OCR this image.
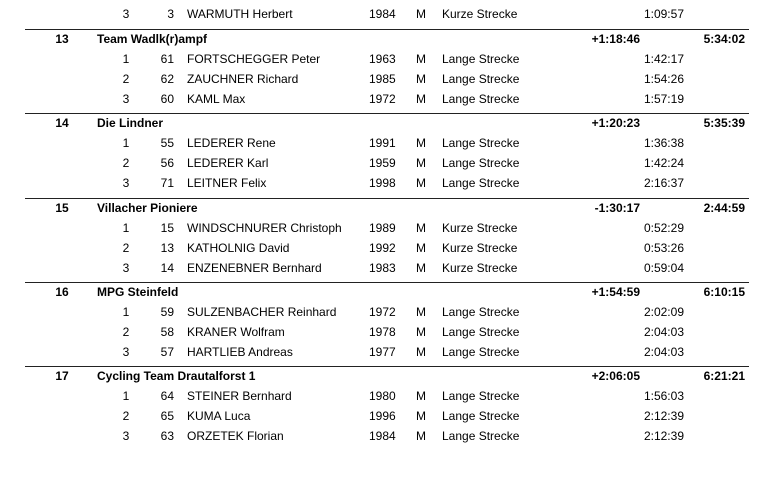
3	3 WARMUTH Herbert	1984 M Kurze Strecke	1:09:57
13 Team Wadlk(r)ampf	+1:18:46	5:34:02
1	61 FORTSCHEGGER Peter	1963 M Lange Strecke	1:42:17
2	62 ZAUCHNER Richard	1985 M Lange Strecke	1:54:26
3	60 KAML Max	1972 M Lange Strecke	1:57:19
14 Die Lindner	+1:20:23	5:35:39
1	55 LEDERER Rene	1991 M Lange Strecke	1:36:38
2	56 LEDERER Karl	1959 M Lange Strecke	1:42:24
3	71 LEITNER Felix	1998 M Lange Strecke	2:16:37
15 Villacher Pioniere	-1:30:17	2:44:59
1	15 WINDSCHNURER Christoph 1989 M Kurze Strecke	0:52:29
2	13 KATHOLNIG David	1992 M Kurze Strecke	0:53:26
3	14 ENZENEBNER Bernhard	1983 M Kurze Strecke	0:59:04
16 MPG Steinfeld	+1:54:59	6:10:15
1	59 SULZENBACHER Reinhard	1972 M Lange Strecke	2:02:09
2	58 KRANER Wolfram	1978 M Lange Strecke	2:04:03
3	57 HARTLIEB Andreas	1977 M Lange Strecke	2:04:03
17 Cycling Team Drautalforst 1	+2:06:05	6:21:21
1	64 STEINER Bernhard	1980 M Lange Strecke	1:56:03
2	65 KUMA Luca	1996 M Lange Strecke	2:12:39
3	63 ORZETEK Florian	1984 M Lange Strecke	2:12:39
